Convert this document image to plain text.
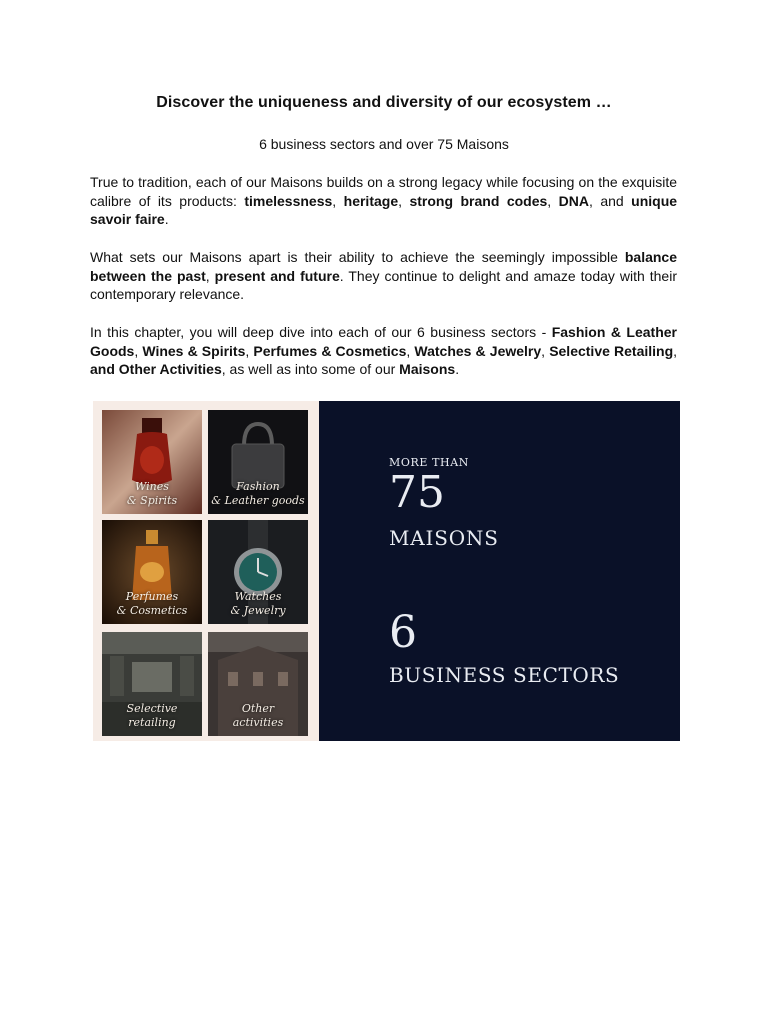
Discover the uniqueness and diversity of our ecosystem …
6 business sectors and over 75 Maisons

True to tradition, each of our Maisons builds on a strong legacy while focusing on the exquisite calibre of its products: timelessness, heritage, strong brand codes, DNA, and unique savoir faire.

What sets our Maisons apart is their ability to achieve the seemingly impossible balance between the past, present and future. They continue to delight and amaze today with their contemporary relevance.

In this chapter, you will deep dive into each of our 6 business sectors - Fashion & Leather Goods, Wines & Spirits, Perfumes & Cosmetics, Watches & Jewelry, Selective Retailing, and Other Activities, as well as into some of our Maisons.

Wines
& Spirits
Fashion
& Leather goods
Perfumes
& Cosmetics
Watches
& Jewelry
Selective
retailing
Other
activities
MORE THAN
75
MAISONS
6
BUSINESS SECTORS
